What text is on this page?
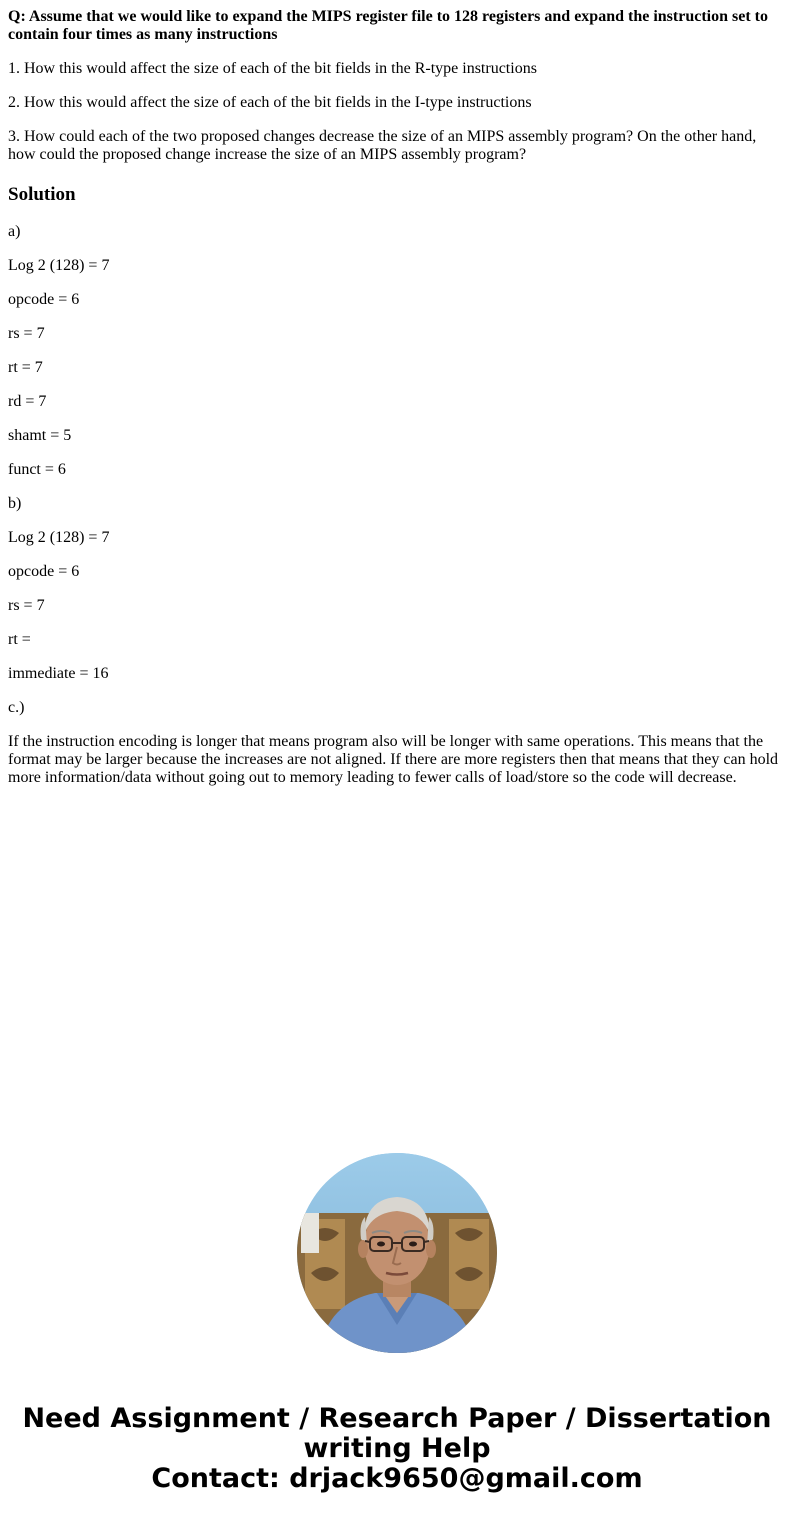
Q: Assume that we would like to expand the MIPS register file to 128 registers and expand the instruction set to contain four times as many instructions

1. How this would affect the size of each of the bit fields in the R-type instructions

2. How this would affect the size of each of the bit fields in the I-type instructions

3. How could each of the two proposed changes decrease the size of an MIPS assembly program? On the other hand, how could the proposed change increase the size of an MIPS assembly program?

Solution

a)

Log 2 (128) = 7

opcode = 6

rs = 7

rt = 7

rd = 7

shamt = 5

funct = 6

b)

Log 2 (128) = 7

opcode = 6

rs = 7

rt =

immediate = 16

c.)

If the instruction encoding is longer that means program also will be longer with same operations. This means that the format may be larger because the increases are not aligned. If there are more registers then that means that they can hold more information/data without going out to memory leading to fewer calls of load/store so the code will decrease.

Need Assignment / Research Paper / Dissertation
writing Help
Contact: drjack9650@gmail.com
